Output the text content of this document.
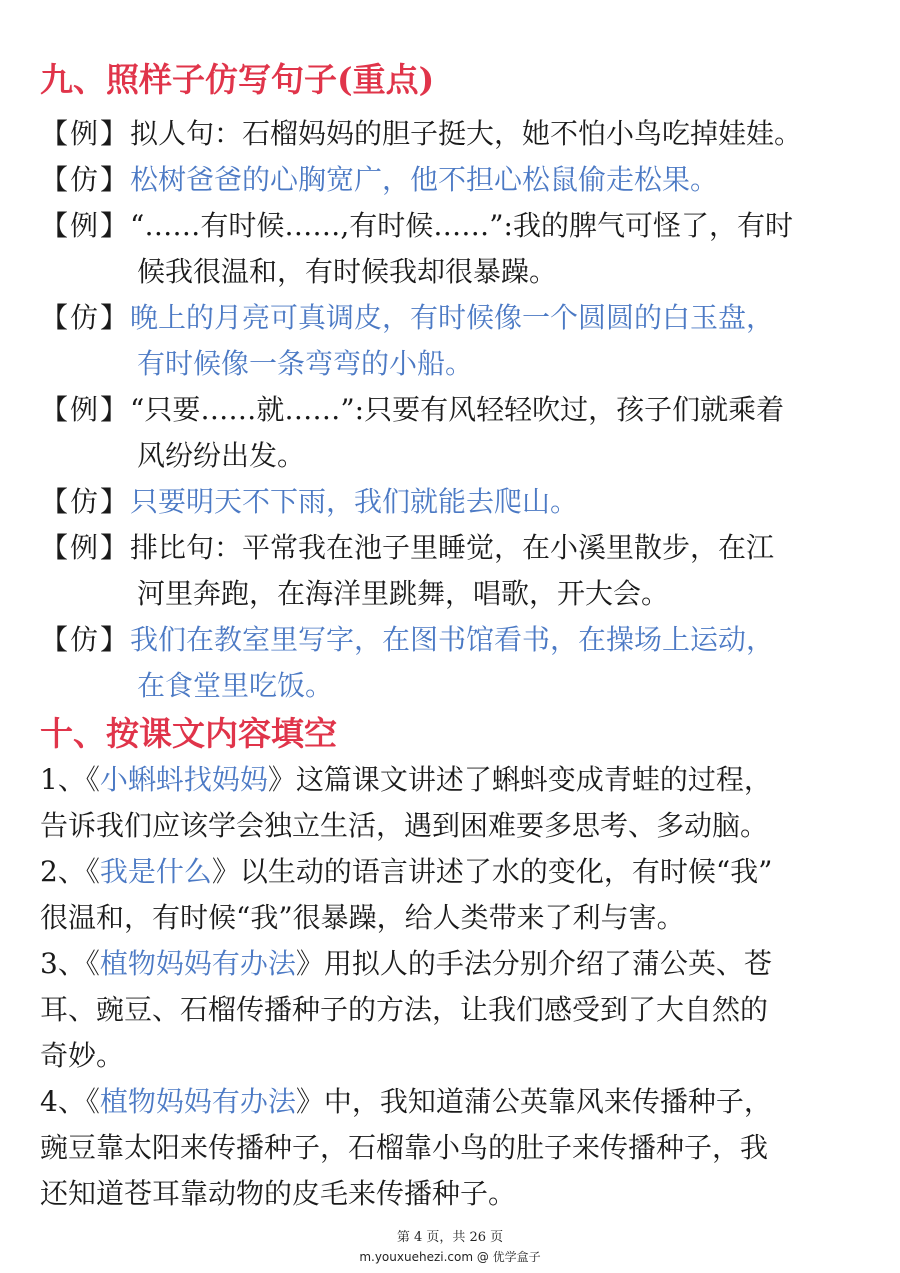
九、照样子仿写句子(重点)
【例】拟人句：石榴妈妈的胆子挺大，她不怕小鸟吃掉娃娃。
【仿】松树爸爸的心胸宽广，他不担心松鼠偷走松果。
【例】“……有时候……,有时候……”:我的脾气可怪了，有时
候我很温和，有时候我却很暴躁。
【仿】晚上的月亮可真调皮，有时候像一个圆圆的白玉盘，
有时候像一条弯弯的小船。
【例】“只要……就……”:只要有风轻轻吹过，孩子们就乘着
风纷纷出发。
【仿】只要明天不下雨，我们就能去爬山。
【例】排比句：平常我在池子里睡觉，在小溪里散步，在江
河里奔跑，在海洋里跳舞，唱歌，开大会。
【仿】我们在教室里写字，在图书馆看书，在操场上运动，
在食堂里吃饭。
十、按课文内容填空
1、《小蝌蚪找妈妈》这篇课文讲述了蝌蚪变成青蛙的过程，
告诉我们应该学会独立生活，遇到困难要多思考、多动脑。
2、《我是什么》以生动的语言讲述了水的变化，有时候“我”
很温和，有时候“我”很暴躁，给人类带来了利与害。
3、《植物妈妈有办法》用拟人的手法分别介绍了蒲公英、苍
耳、豌豆、石榴传播种子的方法，让我们感受到了大自然的
奇妙。
4、《植物妈妈有办法》中，我知道蒲公英靠风来传播种子，
豌豆靠太阳来传播种子，石榴靠小鸟的肚子来传播种子，我
还知道苍耳靠动物的皮毛来传播种子。
第 4 页，共 26 页
m.youxuehezi.com @ 优学盒子
